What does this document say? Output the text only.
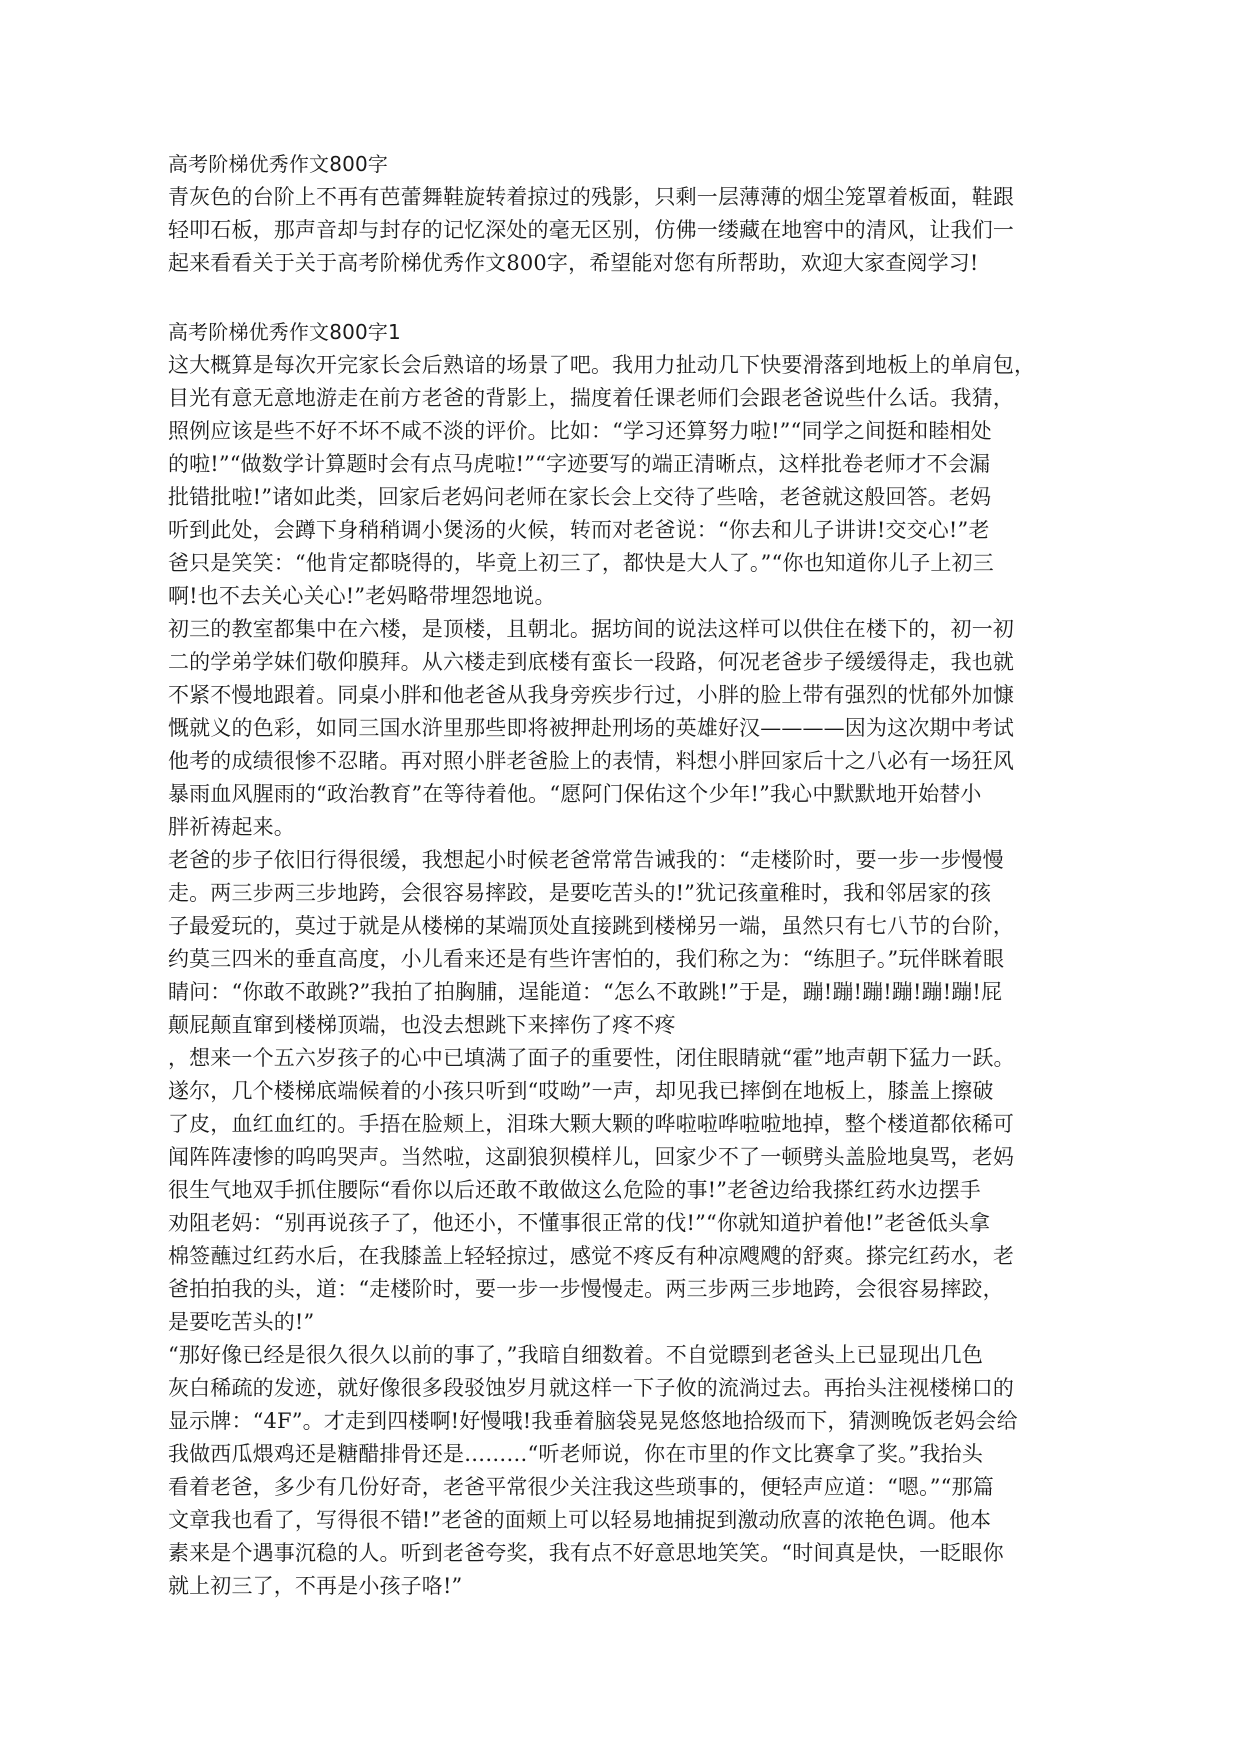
高考阶梯优秀作文800字
青灰色的台阶上不再有芭蕾舞鞋旋转着掠过的残影，只剩一层薄薄的烟尘笼罩着板面，鞋跟
轻叩石板，那声音却与封存的记忆深处的毫无区别，仿佛一缕藏在地窖中的清风，让我们一
起来看看关于关于高考阶梯优秀作文800字，希望能对您有所帮助，欢迎大家查阅学习!
高考阶梯优秀作文800字1
这大概算是每次开完家长会后熟谙的场景了吧。我用力扯动几下快要滑落到地板上的单肩包，
目光有意无意地游走在前方老爸的背影上，揣度着任课老师们会跟老爸说些什么话。我猜，
照例应该是些不好不坏不咸不淡的评价。比如：“学习还算努力啦!”“同学之间挺和睦相处
的啦!”“做数学计算题时会有点马虎啦!”“字迹要写的端正清晰点，这样批卷老师才不会漏
批错批啦!”诸如此类，回家后老妈问老师在家长会上交待了些啥，老爸就这般回答。老妈
听到此处，会蹲下身稍稍调小煲汤的火候，转而对老爸说：“你去和儿子讲讲!交交心!”老
爸只是笑笑：“他肯定都晓得的，毕竟上初三了，都快是大人了。”“你也知道你儿子上初三
啊!也不去关心关心!”老妈略带埋怨地说。
初三的教室都集中在六楼，是顶楼，且朝北。据坊间的说法这样可以供住在楼下的，初一初
二的学弟学妹们敬仰膜拜。从六楼走到底楼有蛮长一段路，何况老爸步子缓缓得走，我也就
不紧不慢地跟着。同桌小胖和他老爸从我身旁疾步行过，小胖的脸上带有强烈的忧郁外加慷
慨就义的色彩，如同三国水浒里那些即将被押赴刑场的英雄好汉————因为这次期中考试
他考的成绩很惨不忍睹。再对照小胖老爸脸上的表情，料想小胖回家后十之八必有一场狂风
暴雨血风腥雨的“政治教育”在等待着他。“愿阿门保佑这个少年!”我心中默默地开始替小
胖祈祷起来。
老爸的步子依旧行得很缓，我想起小时候老爸常常告诫我的：“走楼阶时，要一步一步慢慢
走。两三步两三步地跨，会很容易摔跤，是要吃苦头的!”犹记孩童稚时，我和邻居家的孩
子最爱玩的，莫过于就是从楼梯的某端顶处直接跳到楼梯另一端，虽然只有七八节的台阶，
约莫三四米的垂直高度，小儿看来还是有些许害怕的，我们称之为：“练胆子。”玩伴眯着眼
睛问：“你敢不敢跳?”我拍了拍胸脯，逞能道：“怎么不敢跳!”于是，蹦!蹦!蹦!蹦!蹦!蹦!屁
颠屁颠直窜到楼梯顶端，也没去想跳下来摔伤了疼不疼
，想来一个五六岁孩子的心中已填满了面子的重要性，闭住眼睛就“霍”地声朝下猛力一跃。
遂尔，几个楼梯底端候着的小孩只听到“哎呦”一声，却见我已摔倒在地板上，膝盖上擦破
了皮，血红血红的。手捂在脸颊上，泪珠大颗大颗的哗啦啦哗啦啦地掉，整个楼道都依稀可
闻阵阵凄惨的呜呜哭声。当然啦，这副狼狈模样儿，回家少不了一顿劈头盖脸地臭骂，老妈
很生气地双手抓住腰际“看你以后还敢不敢做这么危险的事!”老爸边给我搽红药水边摆手
劝阻老妈：“别再说孩子了，他还小，不懂事很正常的伐!”“你就知道护着他!”老爸低头拿
棉签蘸过红药水后，在我膝盖上轻轻掠过，感觉不疼反有种凉飕飕的舒爽。搽完红药水，老
爸拍拍我的头，道：“走楼阶时，要一步一步慢慢走。两三步两三步地跨，会很容易摔跤，
是要吃苦头的!”
“那好像已经是很久很久以前的事了，”我暗自细数着。不自觉瞟到老爸头上已显现出几色
灰白稀疏的发迹，就好像很多段驳蚀岁月就这样一下子攸的流淌过去。再抬头注视楼梯口的
显示牌：“4F”。才走到四楼啊!好慢哦!我垂着脑袋晃晃悠悠地拾级而下，猜测晚饭老妈会给
我做西瓜煨鸡还是糖醋排骨还是………“听老师说，你在市里的作文比赛拿了奖。”我抬头
看着老爸，多少有几份好奇，老爸平常很少关注我这些琐事的，便轻声应道：“嗯。”“那篇
文章我也看了，写得很不错!”老爸的面颊上可以轻易地捕捉到激动欣喜的浓艳色调。他本
素来是个遇事沉稳的人。听到老爸夸奖，我有点不好意思地笑笑。“时间真是快，一眨眼你
就上初三了，不再是小孩子咯!”
